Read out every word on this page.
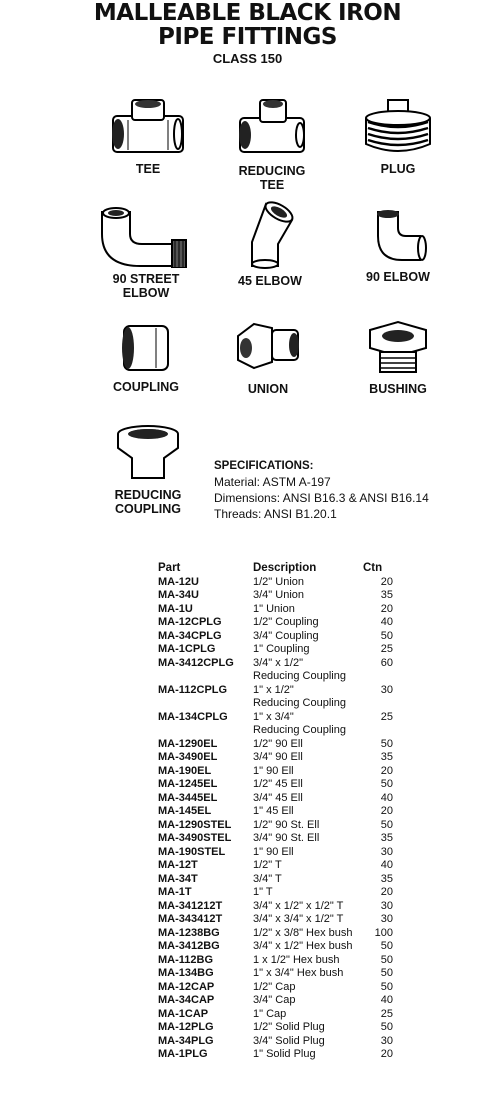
MALLEABLE BLACK IRON
PIPE FITTINGS
CLASS 150
TEE	REDUCING
TEE
PLUG
90 STREET
ELBOW
45 ELBOW	90 ELBOW
COUPLING	UNION	BUSHING
REDUCING
COUPLING
SPECIFICATIONS:
Material: ASTM A-197
Dimensions: ANSI B16.3 & ANSI B16.14
Threads: ANSI B1.20.1
Part	Description	Ctn
MA-12U	1/2" Union	20
MA-34U	3/4" Union	35
MA-1U	1" Union	20
MA-12CPLG	1/2" Coupling	40
MA-34CPLG	3/4" Coupling	50
MA-1CPLG	1" Coupling	25
MA-3412CPLG	3/4" x 1/2"	60
	Reducing Coupling	
MA-112CPLG	1" x 1/2"	30
	Reducing Coupling	
MA-134CPLG	1" x 3/4"	25
	Reducing Coupling	
MA-1290EL	1/2" 90 Ell	50
MA-3490EL	3/4" 90 Ell	35
MA-190EL	1" 90 Ell	20
MA-1245EL	1/2" 45 Ell	50
MA-3445EL	3/4" 45 Ell	40
MA-145EL	1" 45 Ell	20
MA-1290STEL	1/2" 90 St. Ell	50
MA-3490STEL	3/4" 90 St. Ell	35
MA-190STEL	1" 90 Ell	30
MA-12T	1/2" T	40
MA-34T	3/4" T	35
MA-1T	1" T	20
MA-341212T	3/4" x 1/2" x 1/2" T	30
MA-343412T	3/4" x 3/4" x 1/2" T	30
MA-1238BG	1/2" x 3/8" Hex bush	100
MA-3412BG	3/4" x 1/2" Hex bush	50
MA-112BG	1 x 1/2" Hex bush	50
MA-134BG	1" x 3/4" Hex bush	50
MA-12CAP	1/2" Cap	50
MA-34CAP	3/4" Cap	40
MA-1CAP	1" Cap	25
MA-12PLG	1/2" Solid Plug	50
MA-34PLG	3/4" Solid Plug	30
MA-1PLG	1" Solid Plug	20
